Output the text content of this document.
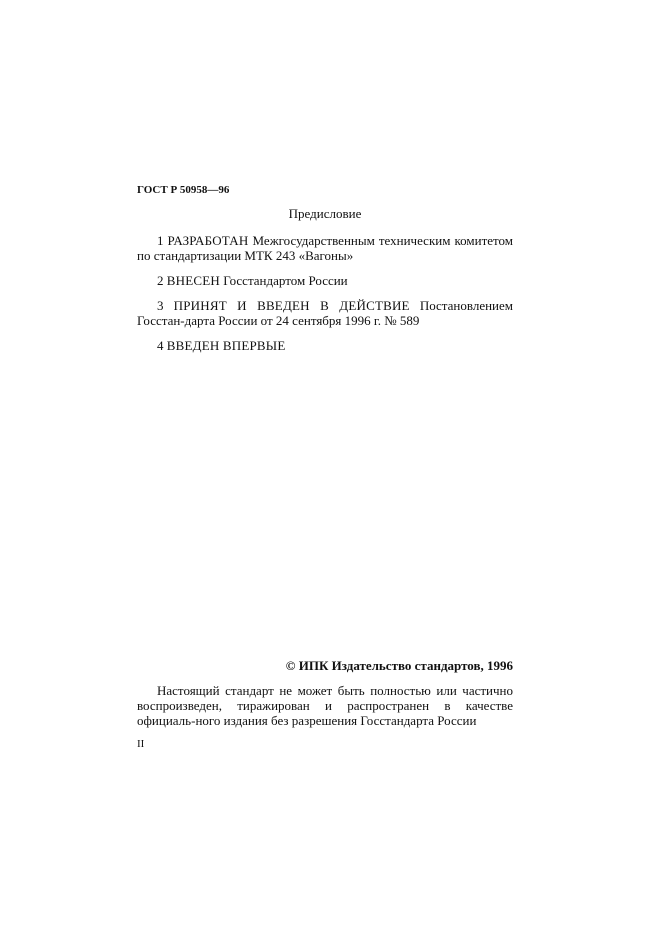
ГОСТ Р 50958—96
Предисловие

1 РАЗРАБОТАН Межгосударственным техническим комитетом по стандартизации МТК 243 «Вагоны»

2 ВНЕСЕН Госстандартом России

3 ПРИНЯТ И ВВЕДЕН В ДЕЙСТВИЕ Постановлением Госстан-дарта России от 24 сентября 1996 г. № 589

4 ВВЕДЕН ВПЕРВЫЕ

© ИПК Издательство стандартов, 1996

Настоящий стандарт не может быть полностью или частично воспроизведен, тиражирован и распространен в качестве официаль-ного издания без разрешения Госстандарта России

II
